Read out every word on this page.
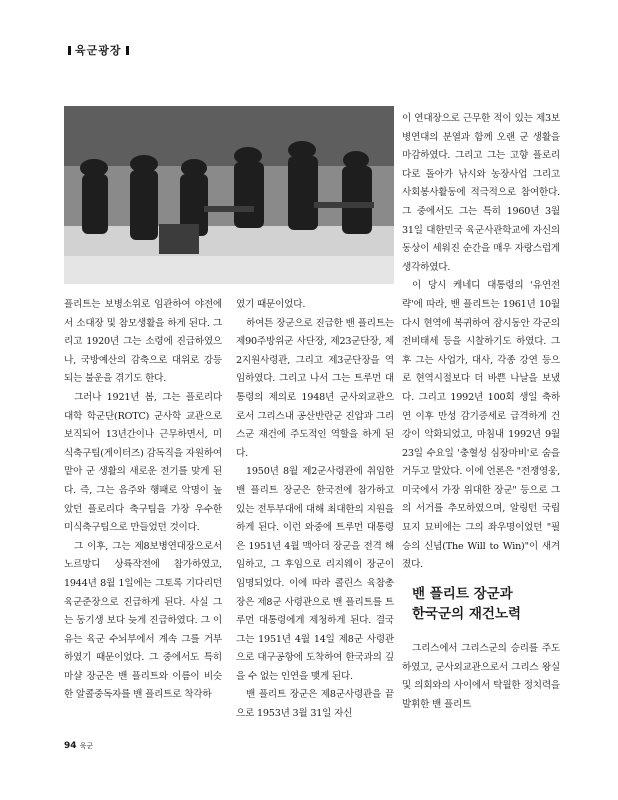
육군광장

플리트는 보병소위로 임관하여 야전에서 소대장 및 참모생활을 하게 된다. 그리고 1920년 그는 소령에 진급하였으나, 국방예산의 감축으로 대위로 강등되는 불운을 겪기도 한다.

그러나 1921년 봄, 그는 플로리다 대학 학군단(ROTC) 군사학 교관으로 보직되어 13년간이나 근무하면서, 미식축구팀(게이터즈) 감독직을 자원하여 맡아 군 생활의 새로운 전기를 맞게 된다. 즉, 그는 음주와 행패로 악명이 높았던 플로리다 축구팀을 가장 우수한 미식축구팀으로 만들었던 것이다.

그 이후, 그는 제8보병연대장으로서 노르망디 상륙작전에 참가하였고, 1944년 8월 1일에는 그토록 기다리던 육군준장으로 진급하게 된다. 사실 그는 동기생 보다 늦게 진급하였다. 그 이유는 육군 수뇌부에서 계속 그를 거부하였기 때문이었다. 그 중에서도 특히 마샬 장군은 밴 플리트와 이름이 비슷한 알콜중독자를 밴 플리트로 착각하

였기 때문이었다.

하여튼 장군으로 진급한 밴 플리트는 제90주방위군 사단장, 제23군단장, 제2지원사령관, 그리고 제3군단장을 역임하였다. 그리고 나서 그는 트루먼 대통령의 제의로 1948년 군사외교관으로서 그리스내 공산반란군 진압과 그리스군 재건에 주도적인 역할을 하게 된다.

1950년 8월 제2군사령관에 취임한 밴 플리트 장군은 한국전에 참가하고 있는 전투부대에 대해 최대한의 지원을 하게 된다. 이런 와중에 트루먼 대통령은 1951년 4월 맥아더 장군을 전격 해임하고, 그 후임으로 리지웨이 장군이 임명되었다. 이에 따라 콜린스 육참총장은 제8군 사령관으로 밴 플리트를 트루먼 대통령에게 제청하게 된다. 결국 그는 1951년 4월 14일 제8군 사령관으로 대구공항에 도착하여 한국과의 깊을 수 없는 인연을 맺게 된다.

밴 플리트 장군은 제8군사령관을 끝으로 1953년 3월 31일 자신

이 연대장으로 근무한 적이 있는 제3보병연대의 분열과 함께 오랜 군 생활을 마감하였다. 그리고 그는 고향 플로리다로 돌아가 낚시와 농장사업 그리고 사회봉사활동에 적극적으로 참여한다. 그 중에서도 그는 특히 1960년 3월 31일 대한민국 육군사관학교에 자신의 동상이 세워진 순간을 매우 자랑스럽게 생각하였다.

이 당시 케네디 대통령의 '유연전략'에 따라, 밴 플리트는 1961년 10월 다시 현역에 복귀하여 잠시동안 각군의 전비태세 등을 시찰하기도 하였다. 그 후 그는 사업가, 대사, 각종 강연 등으로 현역시절보다 더 바쁜 나날을 보냈다. 그리고 1992년 100회 생일 축하연 이후 만성 감기증세로 급격하게 건강이 악화되었고, 마침내 1992년 9월 23일 수요일 '충혈성 심장마비'로 숨을 거두고 말았다. 이에 언론은 "전쟁영웅, 미국에서 가장 위대한 장군" 등으로 그의 서거를 추모하였으며, 알링턴 국립묘지 묘비에는 그의 좌우명이었던 "필승의 신념(The Will to Win)"이 새겨졌다.

밴 플리트 장군과
한국군의 재건노력

그리스에서 그리스군의 승리를 주도하였고, 군사외교관으로서 그리스 왕실 및 의회와의 사이에서 탁월한 정치력을 발휘한 밴 플리트

94 육군
